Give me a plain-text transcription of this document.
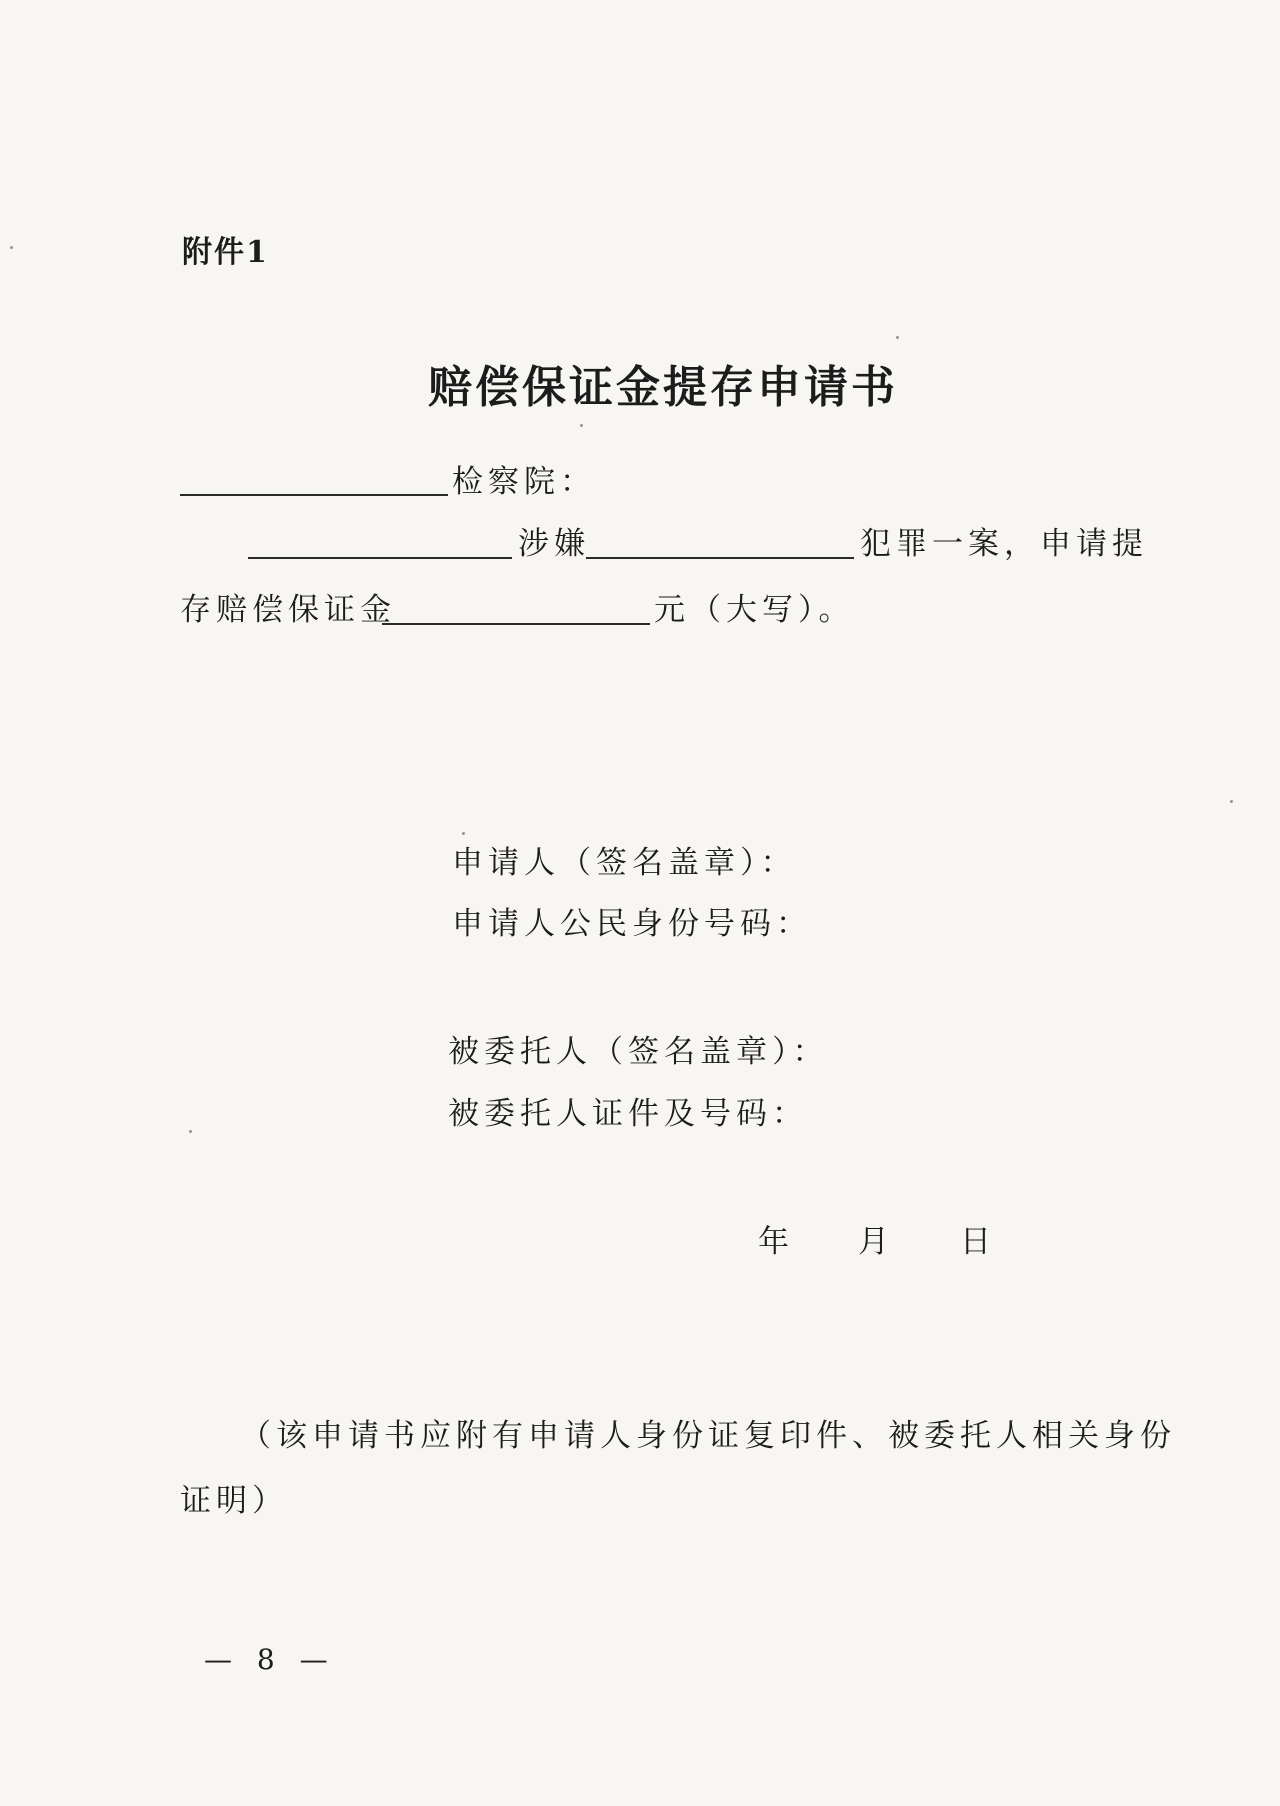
附件1
赔偿保证金提存申请书
检察院：
涉嫌	犯罪一案，申请提
存赔偿保证金	元（大写）。
申请人（签名盖章）：
申请人公民身份号码：
被委托人（签名盖章）：
被委托人证件及号码：
年 月 日
（该申请书应附有申请人身份证复印件、被委托人相关身份
证明）
— 8 —
